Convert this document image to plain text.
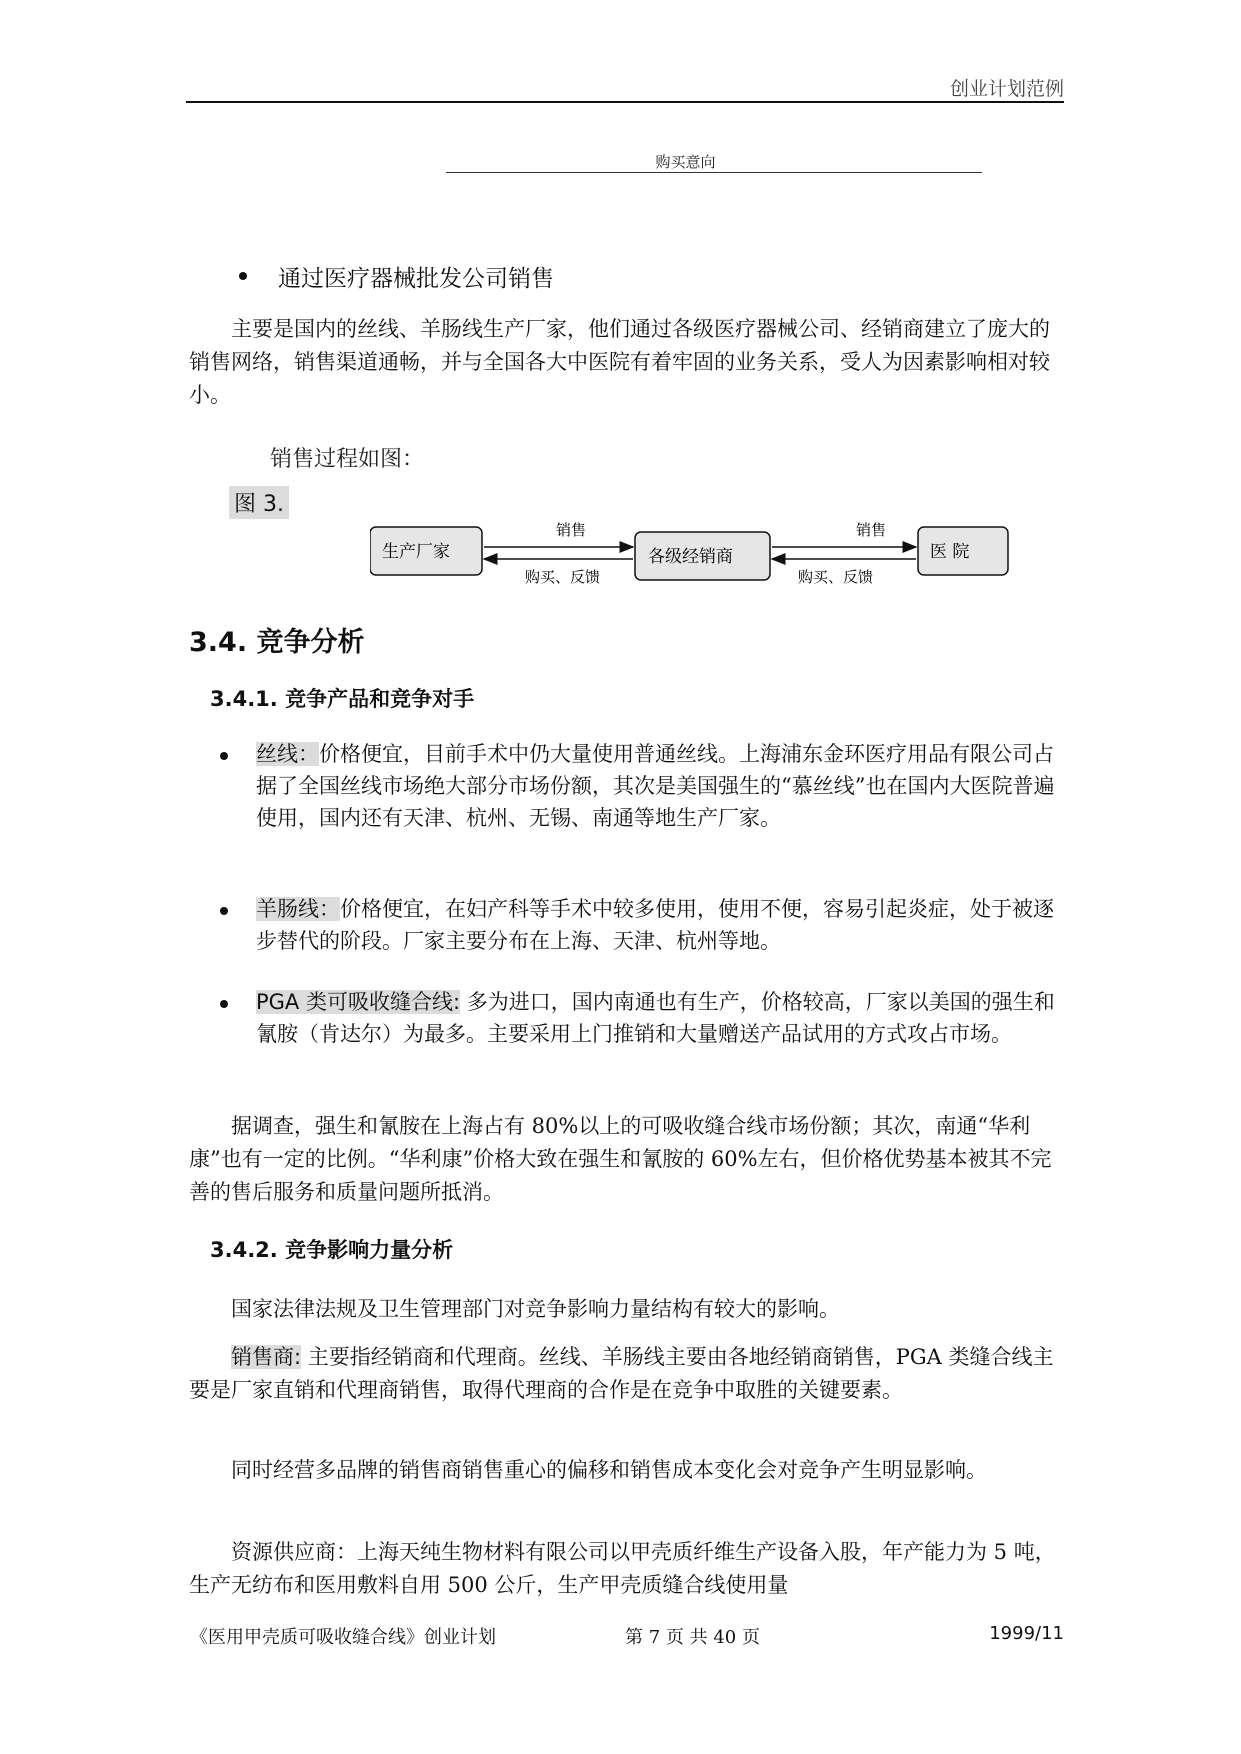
创业计划范例
购买意向
通过医疗器械批发公司销售
主要是国内的丝线、羊肠线生产厂家，他们通过各级医疗器械公司、经销商建立了庞大的销售网络，销售渠道通畅，并与全国各大中医院有着牢固的业务关系，受人为因素影响相对较小。
销售过程如图：
图 3.
生产厂家	各级经销商	医 院
销售
购买、反馈
销售
购买、反馈
3.4. 竞争分析
3.4.1. 竞争产品和竞争对手
丝线：价格便宜，目前手术中仍大量使用普通丝线。上海浦东金环医疗用品有限公司占据了全国丝线市场绝大部分市场份额，其次是美国强生的“慕丝线”也在国内大医院普遍使用，国内还有天津、杭州、无锡、南通等地生产厂家。
羊肠线：价格便宜，在妇产科等手术中较多使用，使用不便，容易引起炎症，处于被逐步替代的阶段。厂家主要分布在上海、天津、杭州等地。
PGA 类可吸收缝合线: 多为进口，国内南通也有生产，价格较高，厂家以美国的强生和氰胺（肯达尔）为最多。主要采用上门推销和大量赠送产品试用的方式攻占市场。
据调查，强生和氰胺在上海占有 80%以上的可吸收缝合线市场份额；其次，南通“华利康”也有一定的比例。“华利康”价格大致在强生和氰胺的 60%左右，但价格优势基本被其不完善的售后服务和质量问题所抵消。
3.4.2. 竞争影响力量分析
国家法律法规及卫生管理部门对竞争影响力量结构有较大的影响。
销售商: 主要指经销商和代理商。丝线、羊肠线主要由各地经销商销售，PGA 类缝合线主要是厂家直销和代理商销售，取得代理商的合作是在竞争中取胜的关键要素。
同时经营多品牌的销售商销售重心的偏移和销售成本变化会对竞争产生明显影响。
资源供应商：上海天纯生物材料有限公司以甲壳质纤维生产设备入股，年产能力为 5 吨，生产无纺布和医用敷料自用 500 公斤，生产甲壳质缝合线使用量
《医用甲壳质可吸收缝合线》创业计划	第 7 页 共 40 页	1999/11
